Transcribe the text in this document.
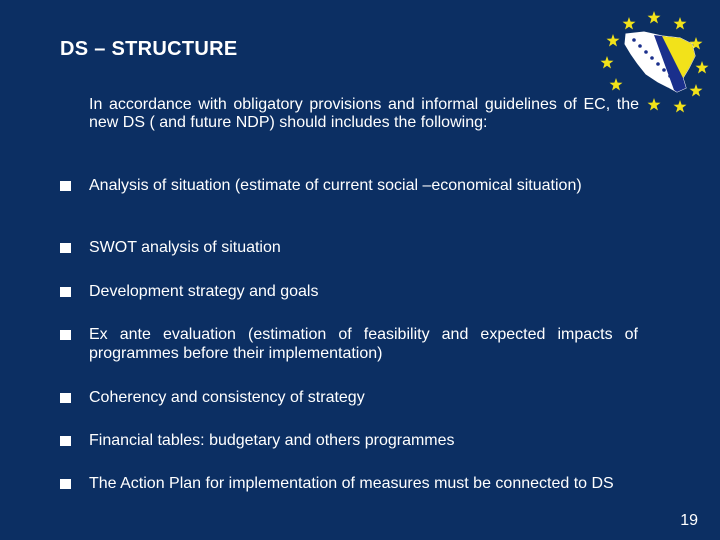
DS – STRUCTURE
In accordance with obligatory provisions and informal guidelines of EC, the new DS ( and future NDP) should includes the following:
Analysis of situation (estimate of current social –economical situation)
SWOT analysis of situation
Development strategy and goals
Ex ante evaluation (estimation of feasibility and expected impacts of programmes before their implementation)
Coherency and consistency of strategy
Financial tables: budgetary and others programmes
The Action Plan for implementation of measures must be connected to DS
19
